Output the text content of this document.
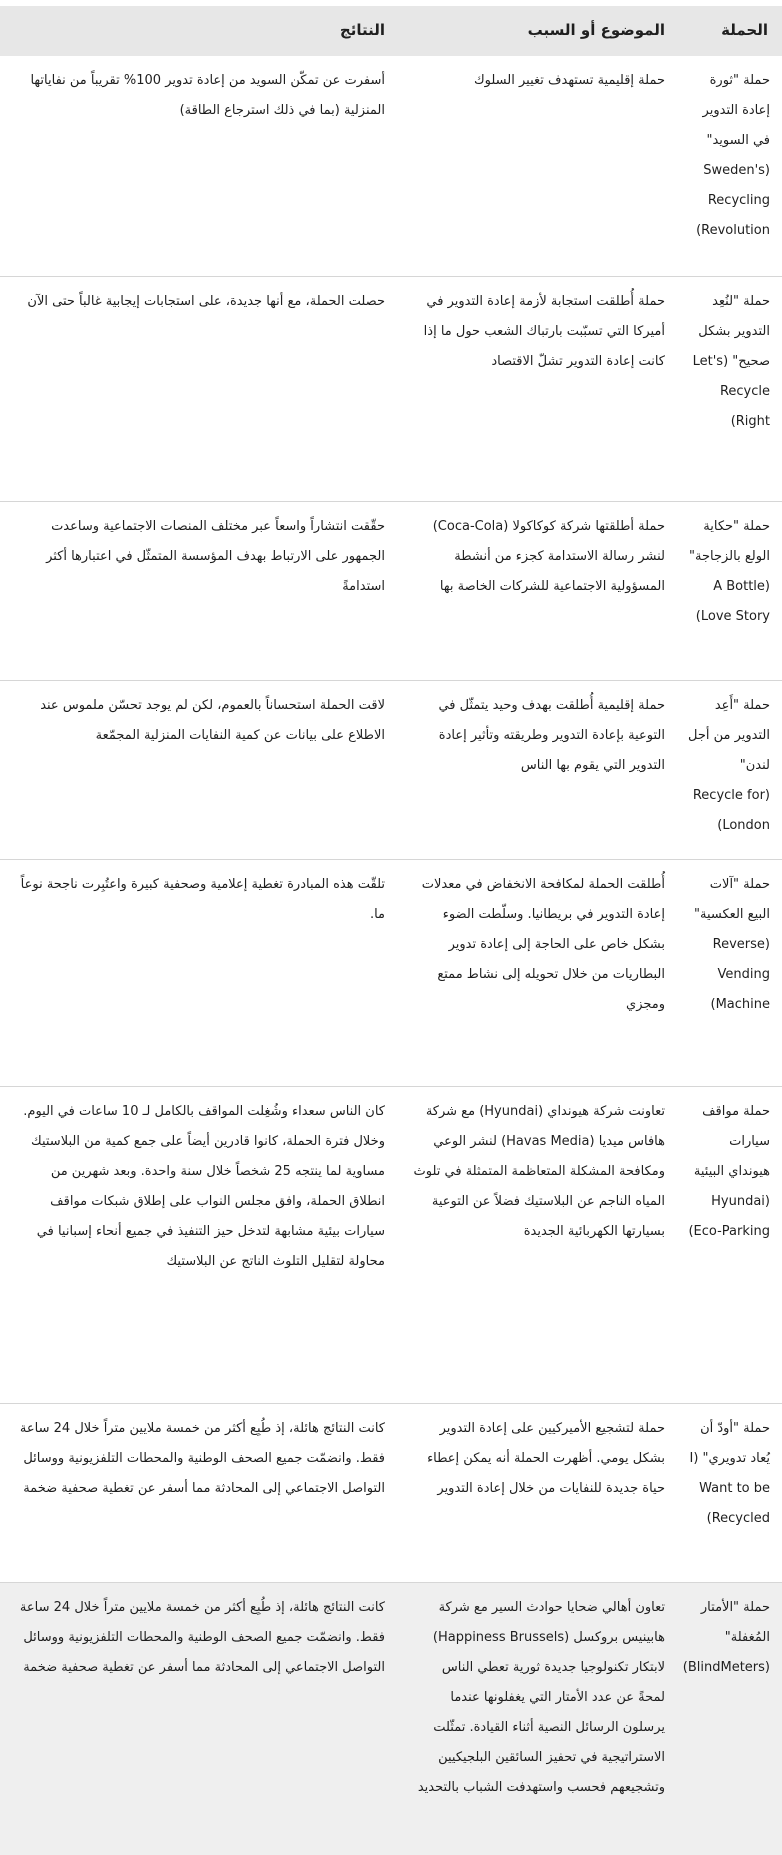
الحملة	الموضوع أو السبب	النتائج
حملة "ثورة إعادة التدوير في السويد" (Sweden's Recycling Revolution)	حملة إقليمية تستهدف تغيير السلوك	أسفرت عن تمكّن السويد من إعادة تدوير 100% تقريباً من نفاياتها المنزلية (بما في ذلك استرجاع الطاقة)
حملة "لنُعِد التدوير بشكل صحيح" (Let's Recycle Right)	حملة أُطلقت استجابة لأزمة إعادة التدوير في أميركا التي تسبّبت بارتباك الشعب حول ما إذا كانت إعادة التدوير تشلّ الاقتصاد	حصلت الحملة، مع أنها جديدة، على استجابات إيجابية غالباً حتى الآن
حملة "حكاية الولع بالزجاجة" (A Bottle Love Story)	حملة أطلقتها شركة كوكاكولا (Coca-Cola) لنشر رسالة الاستدامة كجزء من أنشطة المسؤولية الاجتماعية للشركات الخاصة بها	حقّقت انتشاراً واسعاً عبر مختلف المنصات الاجتماعية وساعدت الجمهور على الارتباط بهدف المؤسسة المتمثّل في اعتبارها أكثر استدامةً
حملة "أَعِد التدوير من أجل لندن" (Recycle for London)	حملة إقليمية أُطلقت بهدف وحيد يتمثّل في التوعية بإعادة التدوير وطريقته وتأثير إعادة التدوير التي يقوم بها الناس	لاقت الحملة استحساناً بالعموم، لكن لم يوجد تحسّن ملموس عند الاطلاع على بيانات عن كمية النفايات المنزلية المجمّعة
حملة "آلات البيع العكسية" (Reverse Vending Machine)	أُطلقت الحملة لمكافحة الانخفاض في معدلات إعادة التدوير في بريطانيا. وسلّطت الضوء بشكل خاص على الحاجة إلى إعادة تدوير البطاريات من خلال تحويله إلى نشاط ممتع ومجزي	تلقّت هذه المبادرة تغطية إعلامية وصحفية كبيرة واعتُبِرت ناجحة نوعاً ما.
حملة مواقف سيارات هيونداي البيئية (Hyundai Eco-Parking)	تعاونت شركة هيونداي (Hyundai) مع شركة هافاس ميديا (Havas Media) لنشر الوعي ومكافحة المشكلة المتعاظمة المتمثلة في تلوث المياه الناجم عن البلاستيك فضلاً عن التوعية بسيارتها الكهربائية الجديدة	كان الناس سعداء وشُغِلت المواقف بالكامل لـ 10 ساعات في اليوم. وخلال فترة الحملة، كانوا قادرين أيضاً على جمع كمية من البلاستيك مساوية لما ينتجه 25 شخصاً خلال سنة واحدة. وبعد شهرين من انطلاق الحملة، وافق مجلس النواب على إطلاق شبكات مواقف سيارات بيئية مشابهة لتدخل حيز التنفيذ في جميع أنحاء إسبانيا في محاولة لتقليل التلوث الناتج عن البلاستيك
حملة "أودّ أن يُعاد تدويري" (I Want to be Recycled)	حملة لتشجيع الأميركيين على إعادة التدوير بشكل يومي. أظهرت الحملة أنه يمكن إعطاء حياة جديدة للنفايات من خلال إعادة التدوير	كانت النتائج هائلة، إذ طُبِع أكثر من خمسة ملايين متراً خلال 24 ساعة فقط. وانضمّت جميع الصحف الوطنية والمحطات التلفزيونية ووسائل التواصل الاجتماعي إلى المحادثة مما أسفر عن تغطية صحفية ضخمة
حملة "الأمتار المُغفلة" (BlindMeters)	تعاون أهالي ضحايا حوادث السير مع شركة هابينيس بروكسل (Happiness Brussels) لابتكار تكنولوجيا جديدة ثورية تعطي الناس لمحةً عن عدد الأمتار التي يغفلونها عندما يرسلون الرسائل النصية أثناء القيادة. تمثّلت الاستراتيجية في تحفيز السائقين البلجيكيين وتشجيعهم فحسب واستهدفت الشباب بالتحديد	كانت النتائج هائلة، إذ طُبِع أكثر من خمسة ملايين متراً خلال 24 ساعة فقط. وانضمّت جميع الصحف الوطنية والمحطات التلفزيونية ووسائل التواصل الاجتماعي إلى المحادثة مما أسفر عن تغطية صحفية ضخمة
